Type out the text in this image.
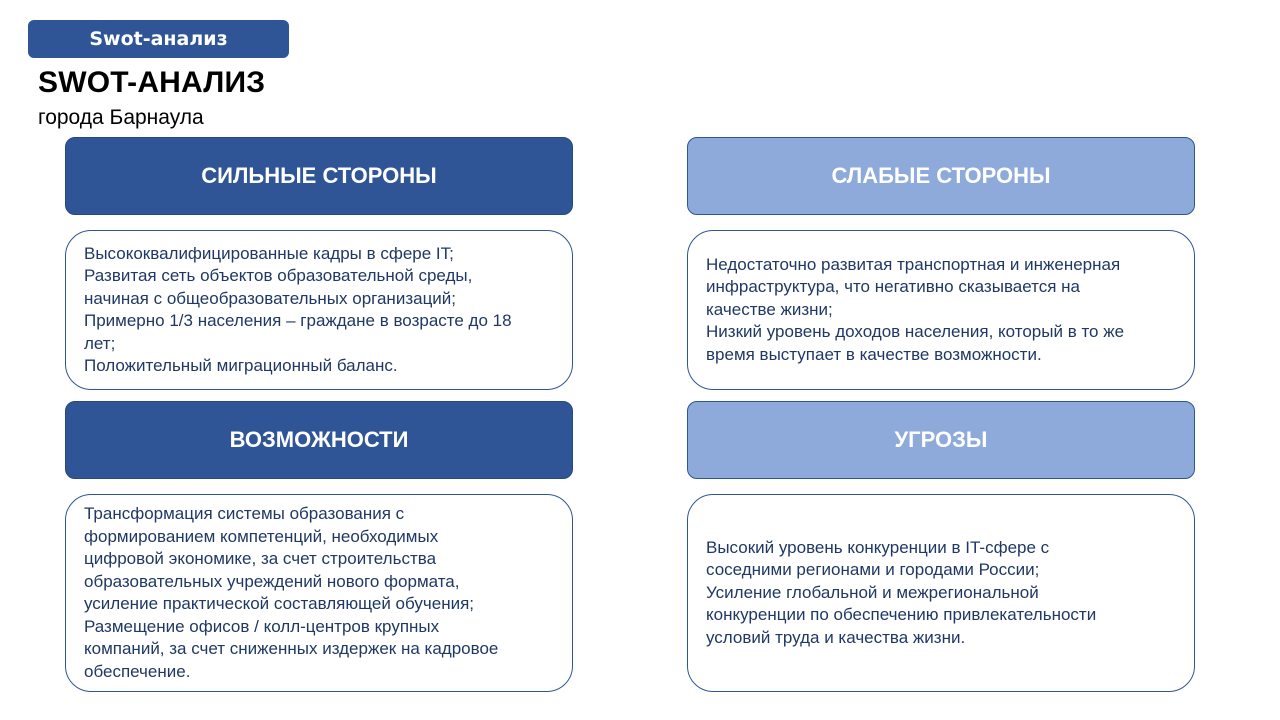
Swot-анализ
SWOT-АНАЛИЗ
города Барнаула
СИЛЬНЫЕ СТОРОНЫ
Высококвалифицированные кадры в сфере IT;
Развитая сеть объектов образовательной среды,
начиная с общеобразовательных организаций;
Примерно 1/3 населения – граждане в возрасте до 18
лет;
Положительный миграционный баланс.
СЛАБЫЕ СТОРОНЫ
Недостаточно развитая транспортная и инженерная
инфраструктура, что негативно сказывается на
качестве жизни;
Низкий уровень доходов населения, который в то же
время выступает в качестве возможности.
ВОЗМОЖНОСТИ
Трансформация системы образования с
формированием компетенций, необходимых
цифровой экономике, за счет строительства
образовательных учреждений нового формата,
усиление практической составляющей обучения;
Размещение офисов / колл-центров крупных
компаний, за счет сниженных издержек на кадровое
обеспечение.
УГРОЗЫ
Высокий уровень конкуренции в IT-сфере с
соседними регионами и городами России;
Усиление глобальной и межрегиональной
конкуренции по обеспечению привлекательности
условий труда и качества жизни.
